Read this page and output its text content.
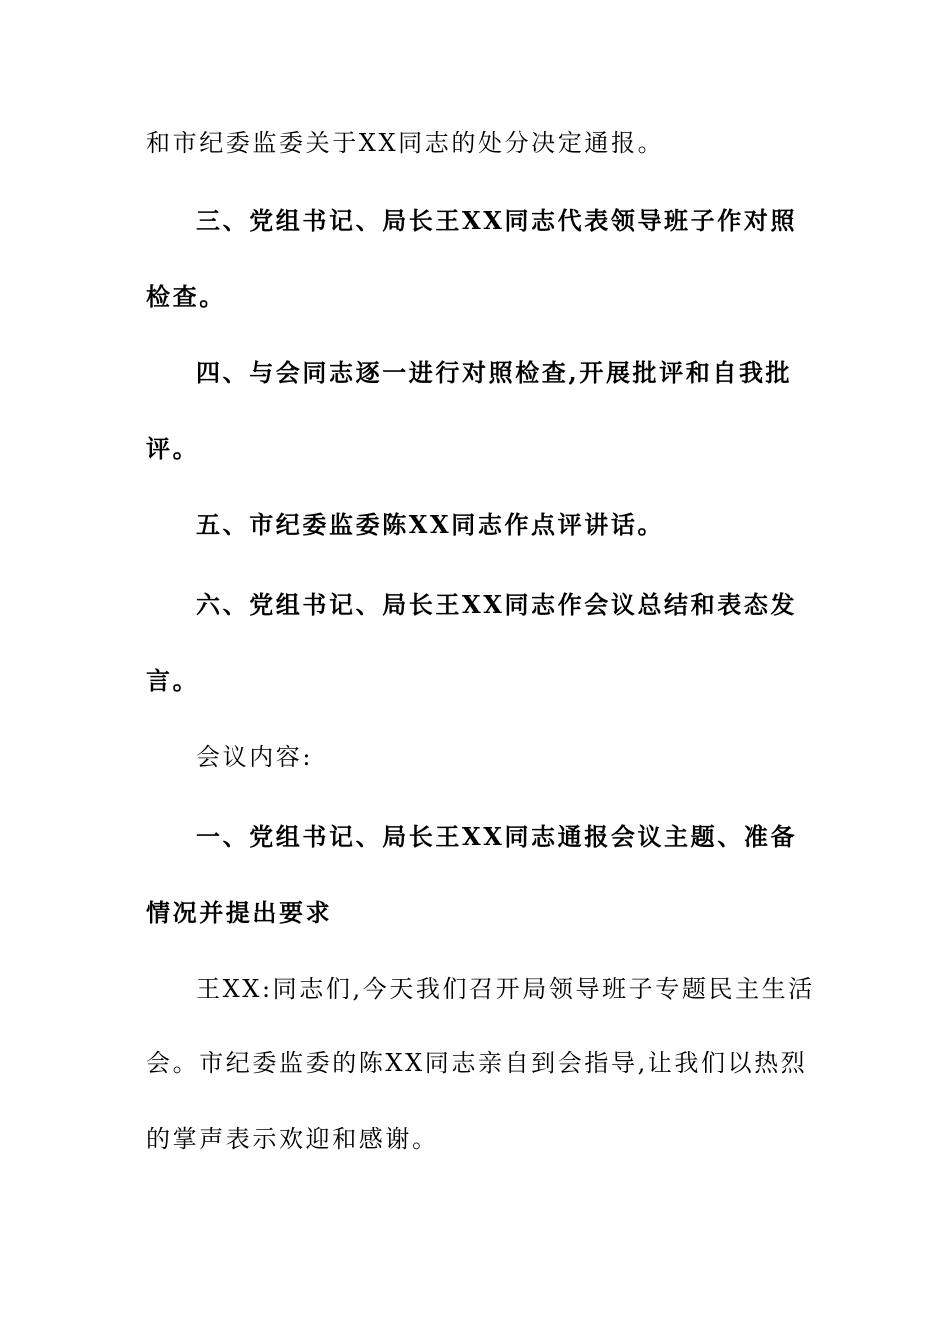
和市纪委监委关于XX同志的处分决定通报。
三、党组书记、局长王XX同志代表领导班子作对照
检查。
四、与会同志逐一进行对照检查,开展批评和自我批
评。
五、市纪委监委陈XX同志作点评讲话。
六、党组书记、局长王XX同志作会议总结和表态发
言。
会议内容:
一、党组书记、局长王XX同志通报会议主题、准备
情况并提出要求
王XX:同志们,今天我们召开局领导班子专题民主生活
会。市纪委监委的陈XX同志亲自到会指导,让我们以热烈
的掌声表示欢迎和感谢。
